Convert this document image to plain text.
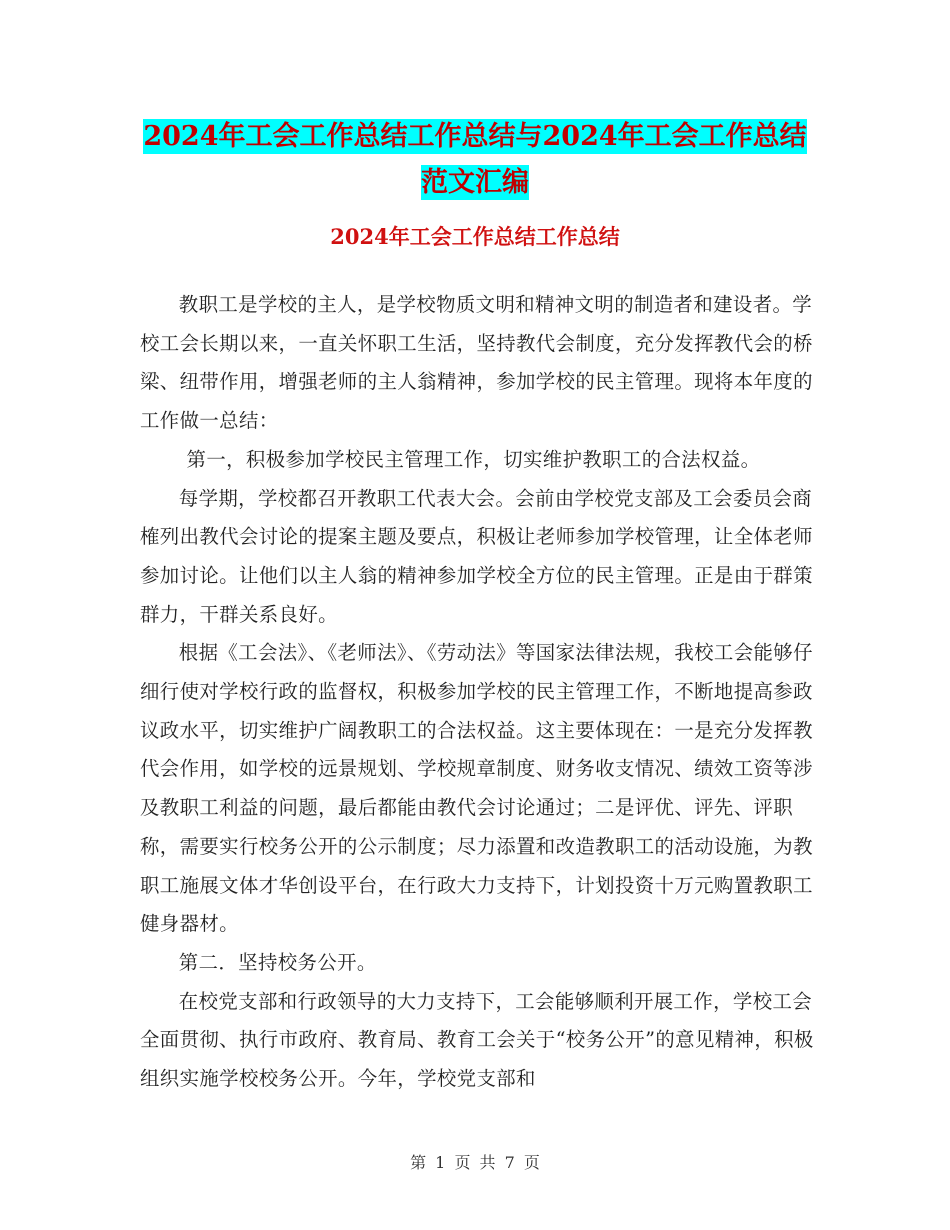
2024年工会工作总结工作总结与2024年工会工作总结
范文汇编
2024年工会工作总结工作总结

教职工是学校的主人，是学校物质文明和精神文明的制造者和建设者。学校工会长期以来，一直关怀职工生活，坚持教代会制度，充分发挥教代会的桥梁、纽带作用，增强老师的主人翁精神，参加学校的民主管理。现将本年度的工作做一总结：

第一，积极参加学校民主管理工作，切实维护教职工的合法权益。

每学期，学校都召开教职工代表大会。会前由学校党支部及工会委员会商榷列出教代会讨论的提案主题及要点，积极让老师参加学校管理，让全体老师参加讨论。让他们以主人翁的精神参加学校全方位的民主管理。正是由于群策群力，干群关系良好。

根据《工会法》、《老师法》、《劳动法》等国家法律法规，我校工会能够仔细行使对学校行政的监督权，积极参加学校的民主管理工作，不断地提高参政议政水平，切实维护广阔教职工的合法权益。这主要体现在：一是充分发挥教代会作用，如学校的远景规划、学校规章制度、财务收支情况、绩效工资等涉及教职工利益的问题，最后都能由教代会讨论通过；二是评优、评先、评职称，需要实行校务公开的公示制度；尽力添置和改造教职工的活动设施，为教职工施展文体才华创设平台，在行政大力支持下，计划投资十万元购置教职工健身器材。

第二．坚持校务公开。

在校党支部和行政领导的大力支持下，工会能够顺利开展工作，学校工会全面贯彻、执行市政府、教育局、教育工会关于“校务公开”的意见精神，积极组织实施学校校务公开。今年，学校党支部和

第 1 页 共 7 页
